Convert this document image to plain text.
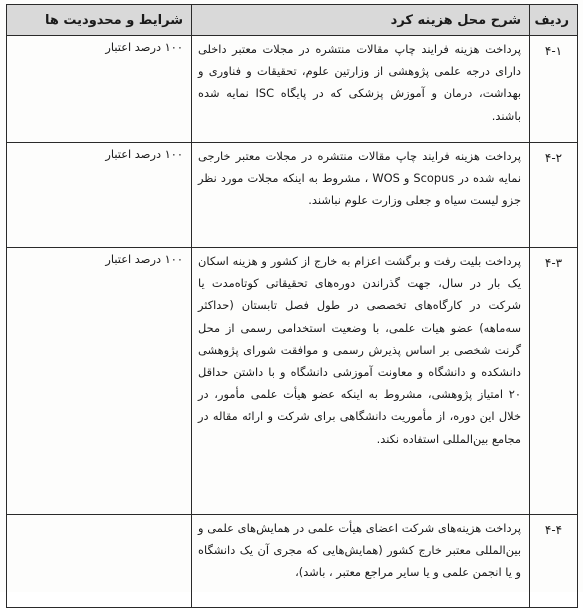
ردیف	شرح محل هزینه کرد	شرایط و محدودیت ها
۴-۱	پرداخت هزینه فرایند چاپ مقالات منتشره در مجلات معتبر داخلی دارای درجه علمی پژوهشی از وزارتین علوم، تحقیقات و فناوری و بهداشت، درمان و آموزش پزشکی که در پایگاه ISC نمایه شده باشند.	۱۰۰ درصد اعتبار
۴-۲	پرداخت هزینه فرایند چاپ مقالات منتشره در مجلات معتبر خارجی نمایه شده در Scopus و WOS ، مشروط به اینکه مجلات مورد نظر جزو لیست سیاه و جعلی وزارت علوم نباشند.	۱۰۰ درصد اعتبار
۴-۳	پرداخت بلیت رفت و برگشت اعزام به خارج از کشور و هزینه اسکان یک بار در سال، جهت گذراندن دوره‌های تحقیقاتی کوتاه‌مدت یا شرکت در کارگاه‌های تخصصی در طول فصل تابستان (حداکثر سه‌ماهه) عضو هیات علمی، با وضعیت استخدامی رسمی از محل گرنت شخصی بر اساس پذیرش رسمی و موافقت شورای پژوهشی دانشکده و دانشگاه و معاونت آموزشی دانشگاه و با داشتن حداقل ۲۰ امتیاز پژوهشی، مشروط به اینکه عضو هیأت علمی مأمور، در خلال این دوره، از مأموریت دانشگاهی برای شرکت و ارائه مقاله در مجامع بین‌المللی استفاده نکند.	۱۰۰ درصد اعتبار
۴-۴	پرداخت هزینه‌های شرکت اعضای هیأت علمی در همایش‌های علمی و بین‌المللی معتبر خارج کشور (همایش‌هایی که مجری آن یک دانشگاه و یا انجمن علمی و یا سایر مراجع معتبر ، باشد)،	
